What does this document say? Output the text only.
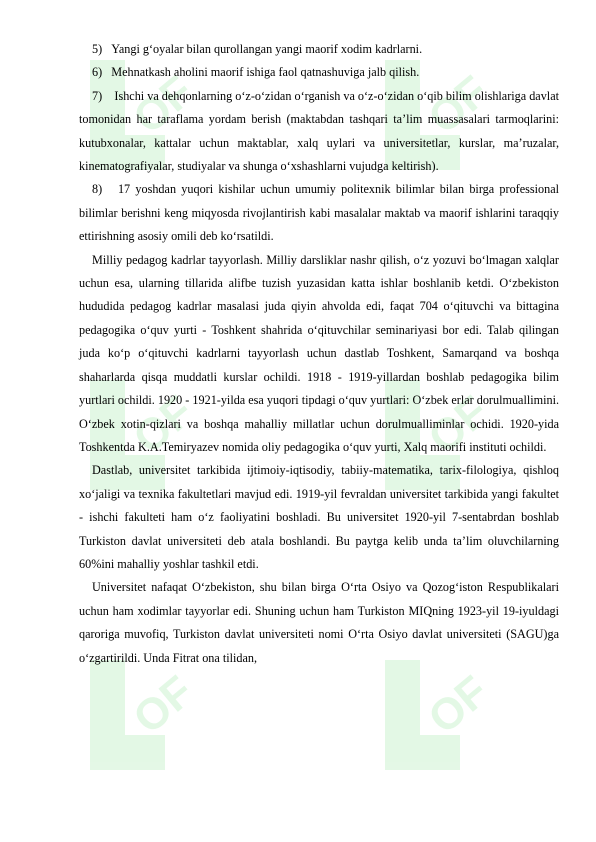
OF	OF
OF	OF
OF	OF

5)   Yangi g‘oyalar bilan qurollangan yangi maorif xodim kadrlarni.

6)   Mehnatkash aholini maorif ishiga faol qatnashuviga jalb qilish.

7)    Ishchi va dehqonlarning o‘z-o‘zidan o‘rganish va o‘z-o‘zidan o‘qib bilim olishlariga davlat tomonidan har taraflama yordam berish (maktabdan tashqari ta’lim muassasalari tarmoqlarini: kutubxonalar, kattalar uchun maktablar, xalq uylari va universitetlar, kurslar, ma’ruzalar, kinematografiyalar, studiyalar va shunga o‘xshashlarni vujudga keltirish).

8)   17 yoshdan yuqori kishilar uchun umumiy politexnik bilimlar bilan birga professional bilimlar berishni keng miqyosda rivojlantirish kabi masalalar maktab va maorif ishlarini taraqqiy ettirishning asosiy omili deb ko‘rsatildi.

Milliy pedagog kadrlar tayyorlash. Milliy darsliklar nashr qilish, o‘z yozuvi bo‘lmagan xalqlar uchun esa, ularning tillarida alifbe tuzish yuzasidan katta ishlar boshlanib ketdi. O‘zbekiston hududida pedagog kadrlar masalasi juda qiyin ahvolda edi, faqat 704 o‘qituvchi va bittagina pedagogika o‘quv yurti - Toshkent shahrida o‘qituvchilar seminariyasi bor edi. Talab qilingan juda ko‘p o‘qituvchi kadrlarni tayyorlash uchun dastlab Toshkent, Samarqand va boshqa shaharlarda qisqa muddatli kurslar ochildi. 1918 - 1919-yillardan boshlab pedagogika bilim yurtlari ochildi. 1920 - 1921-yilda esa yuqori tipdagi o‘quv yurtlari: O‘zbek erlar dorulmuallimini. O‘zbek xotin-qizlari va boshqa mahalliy millatlar uchun dorulmualliminlar ochidi. 1920-yida Toshkentda K.A.Temiryazev nomida oliy pedagogika o‘quv yurti, Xalq maorifi instituti ochildi.

Dastlab, universitet tarkibida ijtimoiy-iqtisodiy, tabiiy-matematika, tarix-filologiya, qishloq xo‘jaligi va texnika fakultetlari mavjud edi. 1919-yil fevraldan universitet tarkibida yangi fakultet - ishchi fakulteti ham o‘z faoliyatini boshladi. Bu universitet 1920-yil 7-sentabrdan boshlab Turkiston davlat universiteti deb atala boshlandi. Bu paytga kelib unda ta’lim oluvchilarning 60%ini mahalliy yoshlar tashkil etdi.

Universitet nafaqat O‘zbekiston, shu bilan birga O‘rta Osiyo va Qozog‘iston Respublikalari uchun ham xodimlar tayyorlar edi. Shuning uchun ham Turkiston MIQning 1923-yil 19-iyuldagi qaroriga muvofiq, Turkiston davlat universiteti nomi O‘rta Osiyo davlat universiteti (SAGU)ga o‘zgartirildi. Unda Fitrat ona tilidan,
